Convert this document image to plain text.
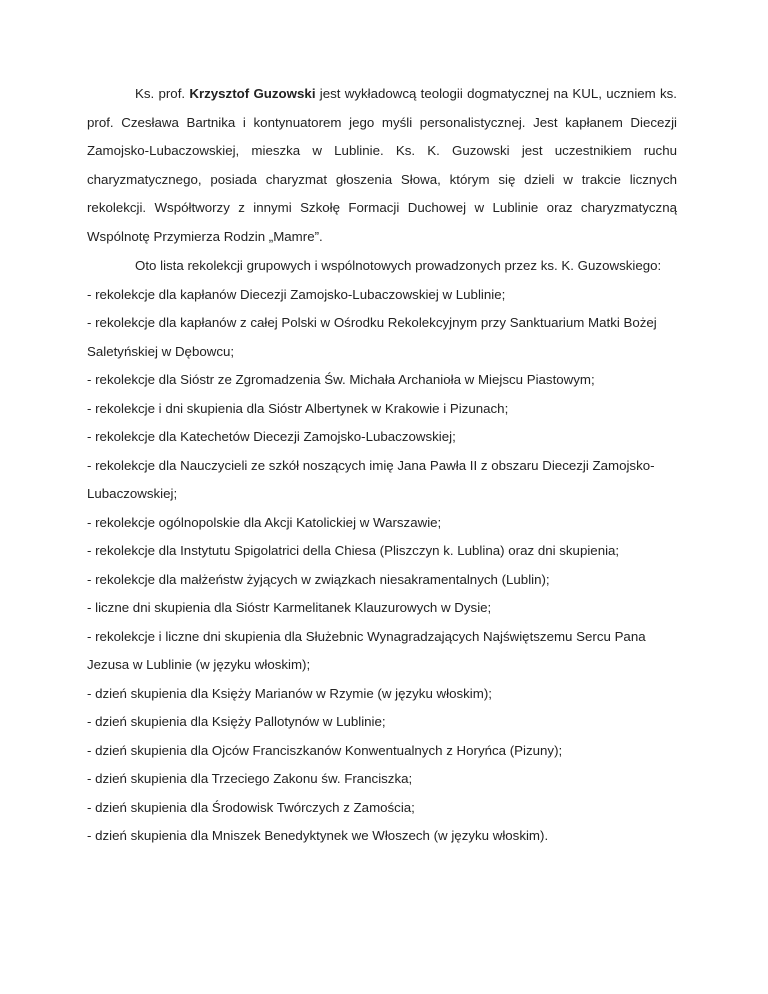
Ks. prof. Krzysztof Guzowski jest wykładowcą teologii dogmatycznej na KUL, uczniem ks. prof. Czesława Bartnika i kontynuatorem jego myśli personalistycznej. Jest kapłanem Diecezji Zamojsko-Lubaczowskiej, mieszka w Lublinie. Ks. K. Guzowski jest uczestnikiem ruchu charyzmatycznego, posiada charyzmat głoszenia Słowa, którym się dzieli w trakcie licznych rekolekcji. Współtworzy z innymi Szkołę Formacji Duchowej w Lublinie oraz charyzmatyczną Wspólnotę Przymierza Rodzin „Mamre”.

Oto lista rekolekcji grupowych i wspólnotowych prowadzonych przez ks. K. Guzowskiego:

- rekolekcje dla kapłanów Diecezji Zamojsko-Lubaczowskiej w Lublinie;
- rekolekcje dla kapłanów z całej Polski w Ośrodku Rekolekcyjnym przy Sanktuarium Matki Bożej Saletyńskiej w Dębowcu;
- rekolekcje dla Sióstr ze Zgromadzenia Św. Michała Archanioła w Miejscu Piastowym;
- rekolekcje i dni skupienia dla Sióstr Albertynek w Krakowie i Pizunach;
- rekolekcje dla Katechetów Diecezji Zamojsko-Lubaczowskiej;
- rekolekcje dla Nauczycieli ze szkół noszących imię Jana Pawła II z obszaru Diecezji Zamojsko-Lubaczowskiej;
- rekolekcje ogólnopolskie dla Akcji Katolickiej w Warszawie;
- rekolekcje dla Instytutu Spigolatrici della Chiesa (Pliszczyn k. Lublina) oraz dni skupienia;
- rekolekcje dla małżeństw żyjących w związkach niesakramentalnych (Lublin);
- liczne dni skupienia dla Sióstr Karmelitanek Klauzurowych w Dysie;
- rekolekcje i liczne dni skupienia dla Służebnic Wynagradzających Najświętszemu Sercu Pana Jezusa w Lublinie (w języku włoskim);
- dzień skupienia dla Księży Marianów w Rzymie (w języku włoskim);
- dzień skupienia dla Księży Pallotynów w Lublinie;
- dzień skupienia dla Ojców Franciszkanów Konwentualnych z Horyńca (Pizuny);
- dzień skupienia dla Trzeciego Zakonu św. Franciszka;
- dzień skupienia dla Środowisk Twórczych z Zamościa;
- dzień skupienia dla Mniszek Benedyktynek we Włoszech (w języku włoskim).
